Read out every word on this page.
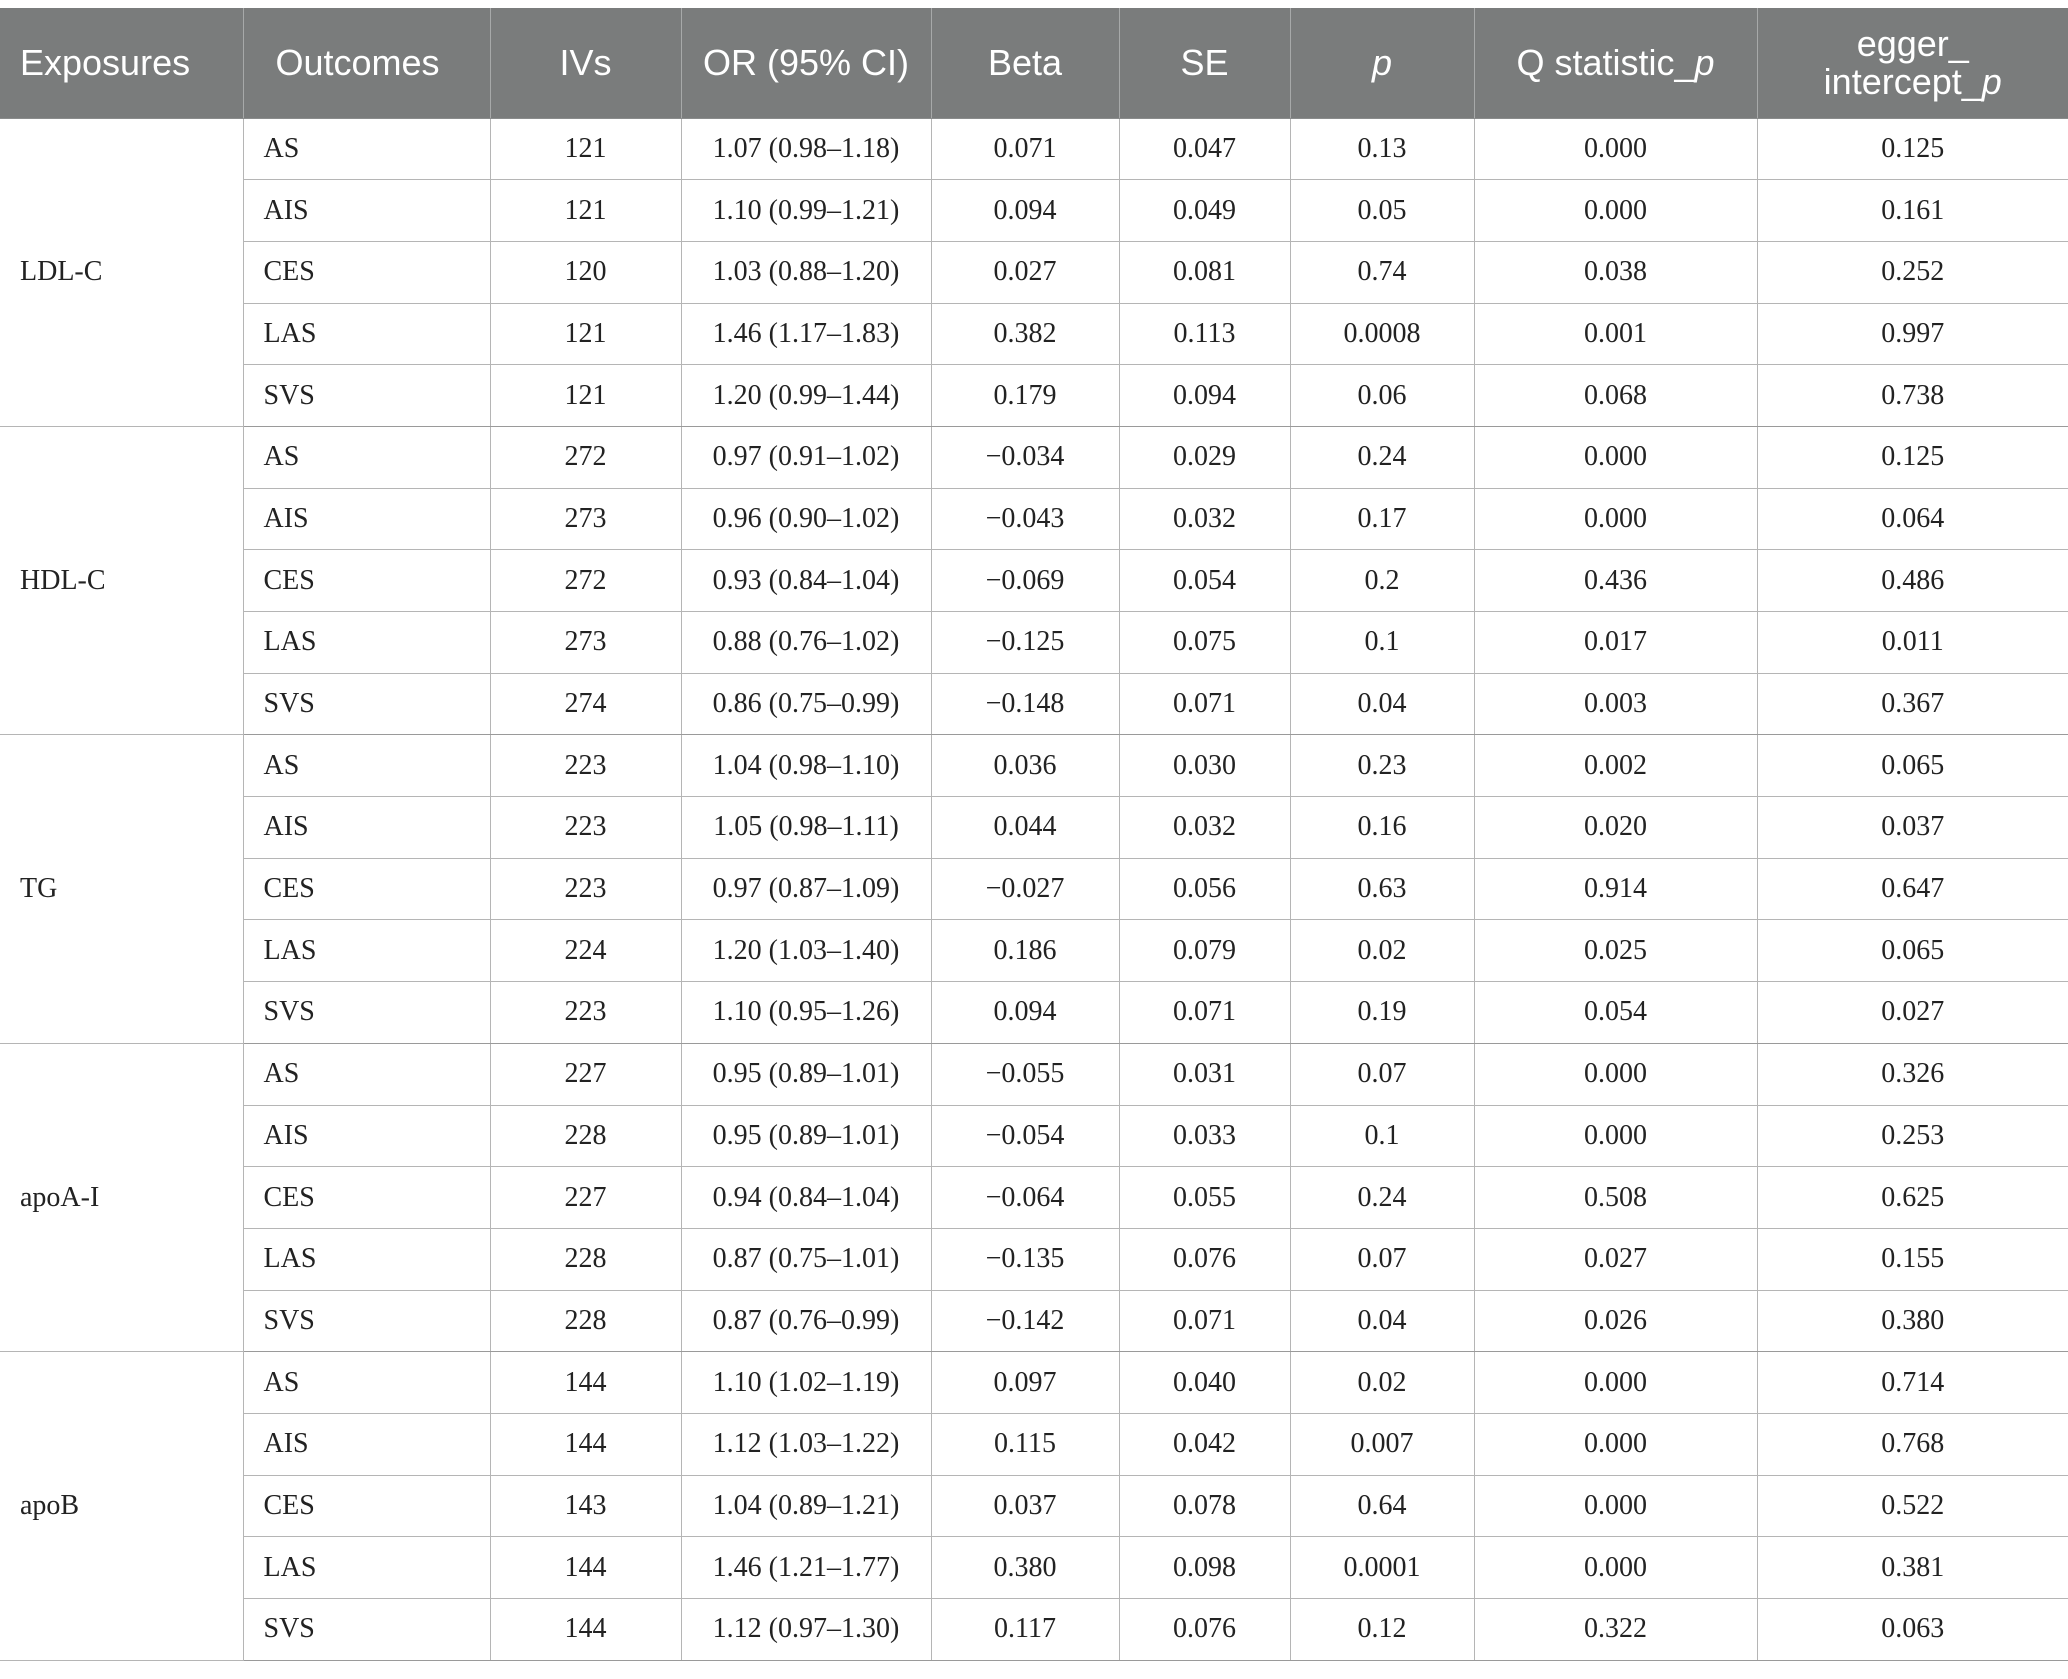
Exposures	Outcomes	IVs	OR (95% CI)	Beta	SE	p	Q statistic_p	egger_
intercept_p
LDL-C	AS	121	1.07 (0.98–1.18)	0.071	0.047	0.13	0.000	0.125
	AIS	121	1.10 (0.99–1.21)	0.094	0.049	0.05	0.000	0.161
	CES	120	1.03 (0.88–1.20)	0.027	0.081	0.74	0.038	0.252
	LAS	121	1.46 (1.17–1.83)	0.382	0.113	0.0008	0.001	0.997
	SVS	121	1.20 (0.99–1.44)	0.179	0.094	0.06	0.068	0.738
HDL-C	AS	272	0.97 (0.91–1.02)	−0.034	0.029	0.24	0.000	0.125
	AIS	273	0.96 (0.90–1.02)	−0.043	0.032	0.17	0.000	0.064
	CES	272	0.93 (0.84–1.04)	−0.069	0.054	0.2	0.436	0.486
	LAS	273	0.88 (0.76–1.02)	−0.125	0.075	0.1	0.017	0.011
	SVS	274	0.86 (0.75–0.99)	−0.148	0.071	0.04	0.003	0.367
TG	AS	223	1.04 (0.98–1.10)	0.036	0.030	0.23	0.002	0.065
	AIS	223	1.05 (0.98–1.11)	0.044	0.032	0.16	0.020	0.037
	CES	223	0.97 (0.87–1.09)	−0.027	0.056	0.63	0.914	0.647
	LAS	224	1.20 (1.03–1.40)	0.186	0.079	0.02	0.025	0.065
	SVS	223	1.10 (0.95–1.26)	0.094	0.071	0.19	0.054	0.027
apoA-I	AS	227	0.95 (0.89–1.01)	−0.055	0.031	0.07	0.000	0.326
	AIS	228	0.95 (0.89–1.01)	−0.054	0.033	0.1	0.000	0.253
	CES	227	0.94 (0.84–1.04)	−0.064	0.055	0.24	0.508	0.625
	LAS	228	0.87 (0.75–1.01)	−0.135	0.076	0.07	0.027	0.155
	SVS	228	0.87 (0.76–0.99)	−0.142	0.071	0.04	0.026	0.380
apoB	AS	144	1.10 (1.02–1.19)	0.097	0.040	0.02	0.000	0.714
	AIS	144	1.12 (1.03–1.22)	0.115	0.042	0.007	0.000	0.768
	CES	143	1.04 (0.89–1.21)	0.037	0.078	0.64	0.000	0.522
	LAS	144	1.46 (1.21–1.77)	0.380	0.098	0.0001	0.000	0.381
	SVS	144	1.12 (0.97–1.30)	0.117	0.076	0.12	0.322	0.063
